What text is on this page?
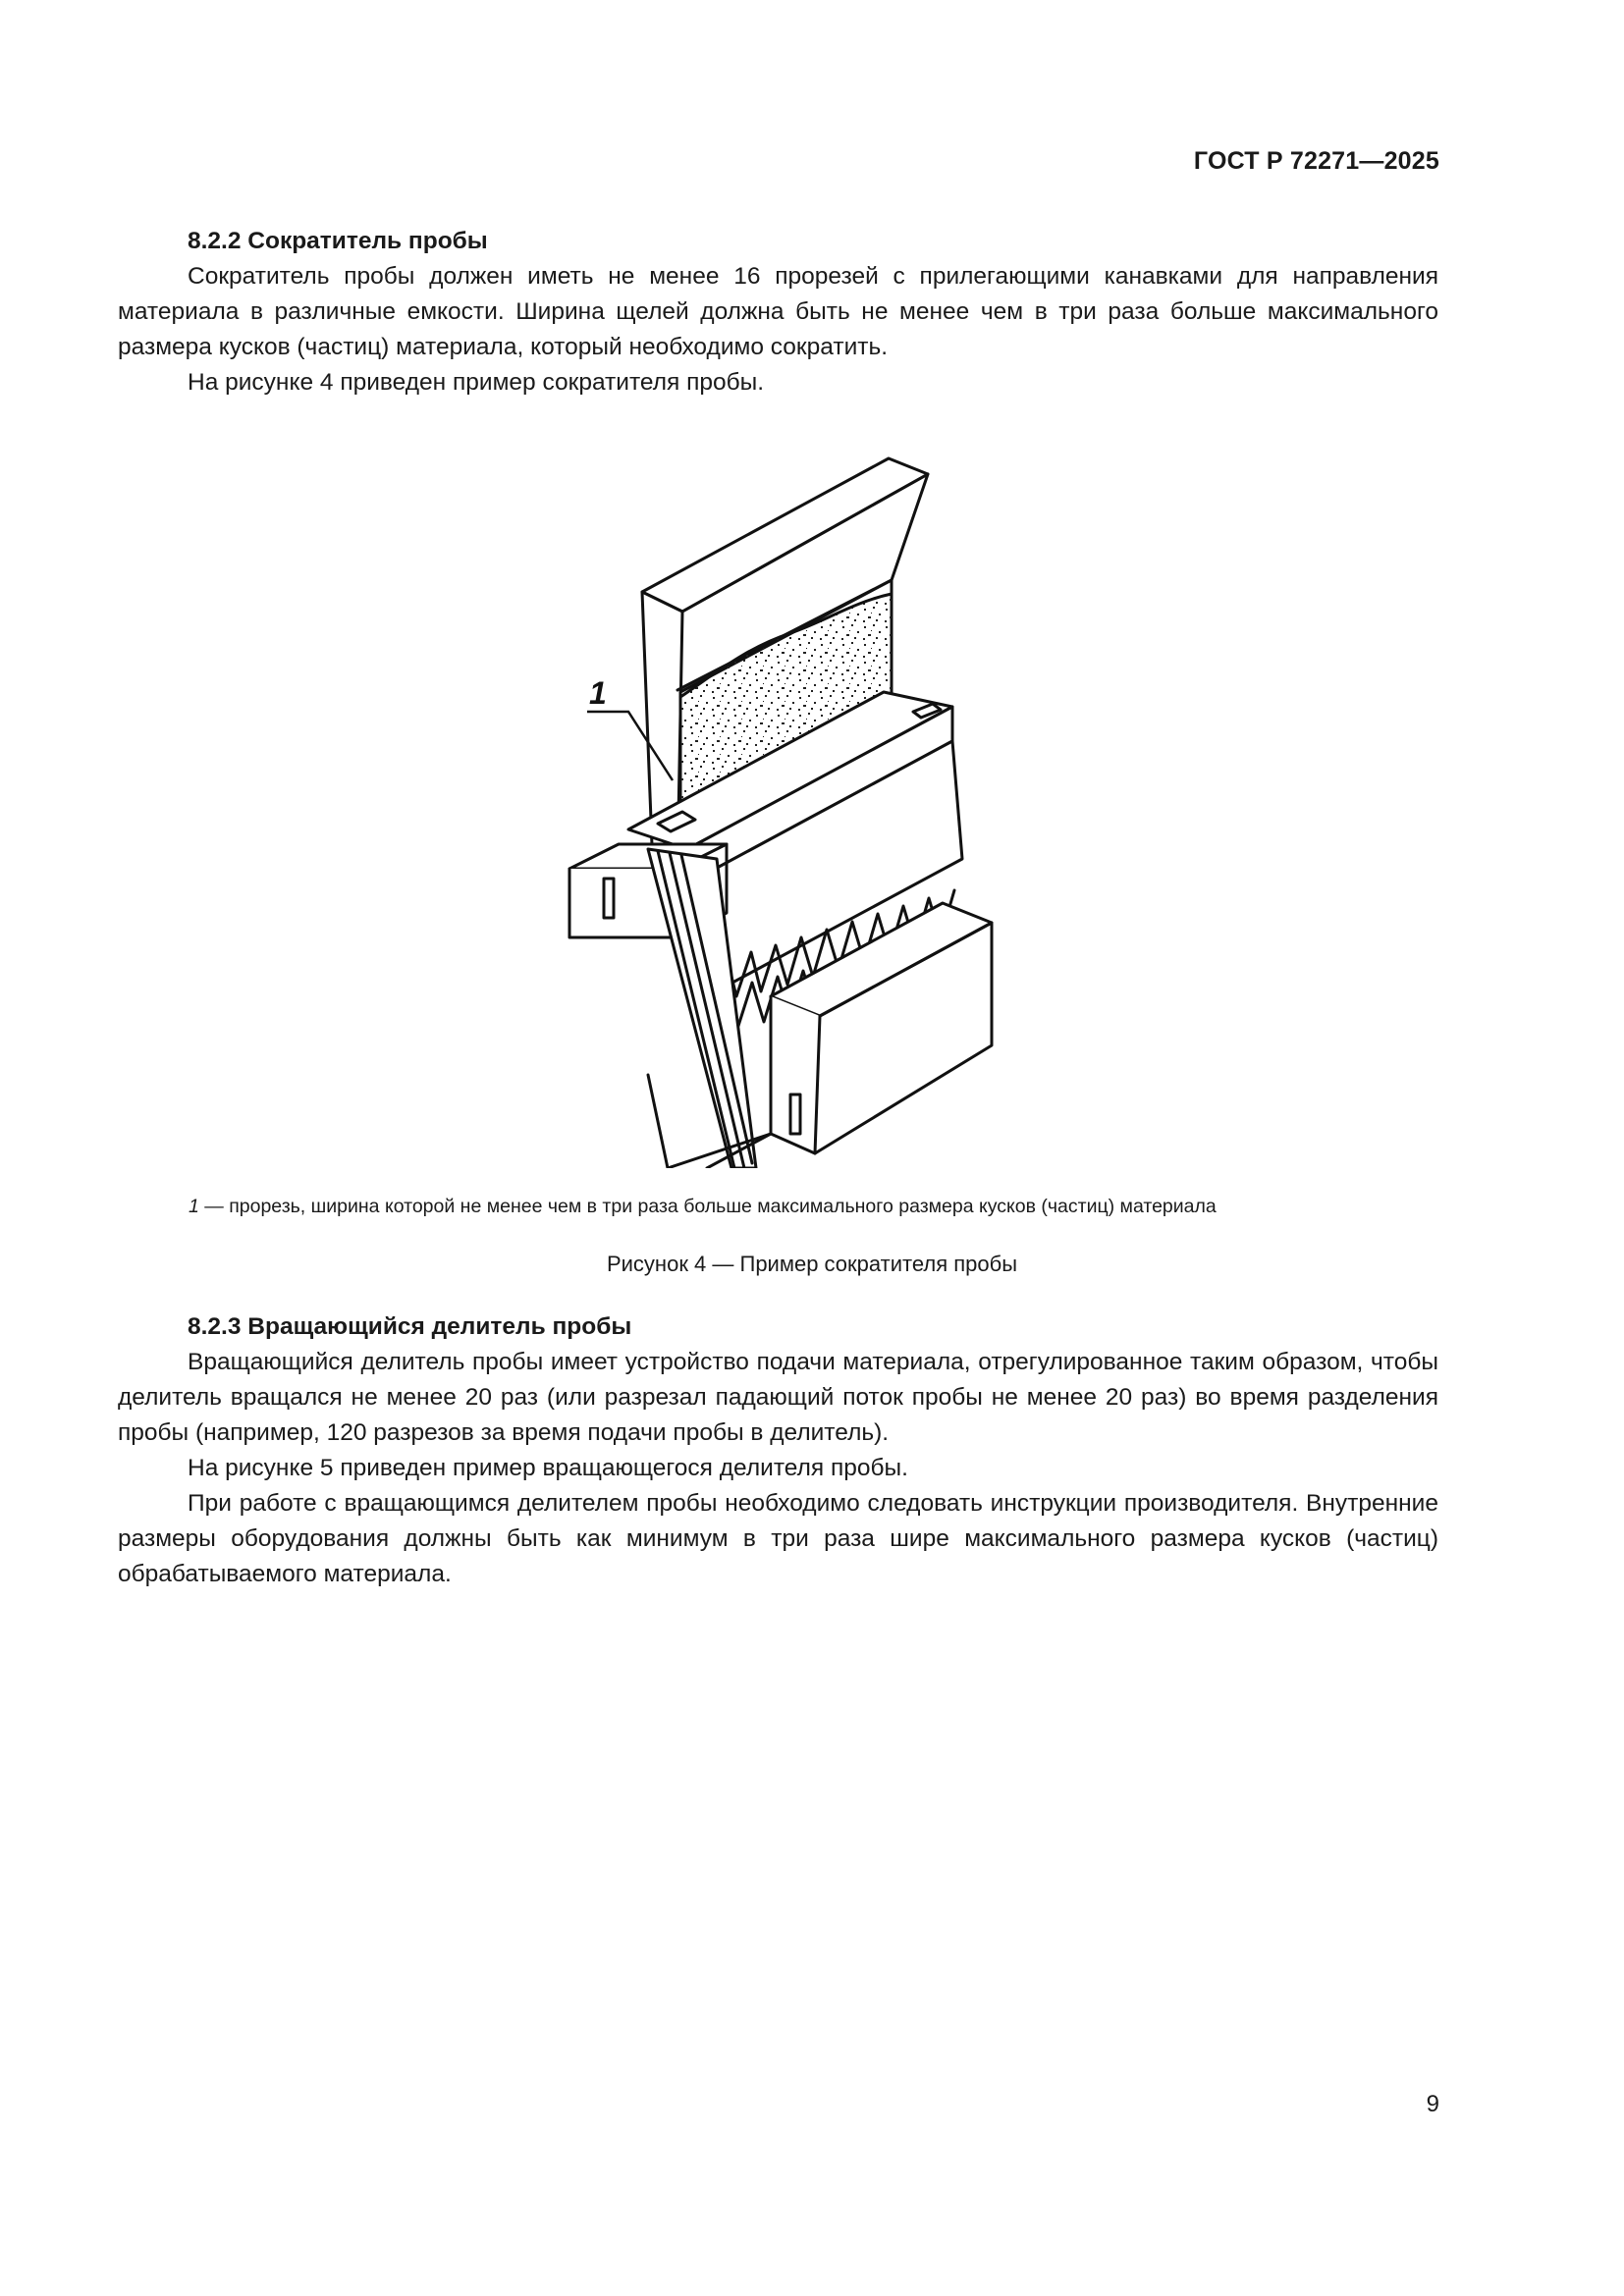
ГОСТ Р 72271—2025

8.2.2 Сократитель пробы

Сократитель пробы должен иметь не менее 16 прорезей с прилегающими канавками для направления материала в различные емкости. Ширина щелей должна быть не менее чем в три раза больше максимального размера кусков (частиц) материала, который необходимо сократить.

На рисунке 4 приведен пример сократителя пробы.

1
1 — прорезь, ширина которой не менее чем в три раза больше максимального размера кусков (частиц) материала
Рисунок 4 — Пример сократителя пробы

8.2.3 Вращающийся делитель пробы

Вращающийся делитель пробы имеет устройство подачи материала, отрегулированное таким образом, чтобы делитель вращался не менее 20 раз (или разрезал падающий поток пробы не менее 20 раз) во время разделения пробы (например, 120 разрезов за время подачи пробы в делитель).

На рисунке 5 приведен пример вращающегося делителя пробы.

При работе с вращающимся делителем пробы необходимо следовать инструкции производителя. Внутренние размеры оборудования должны быть как минимум в три раза шире максимального размера кусков (частиц) обрабатываемого материала.

9
